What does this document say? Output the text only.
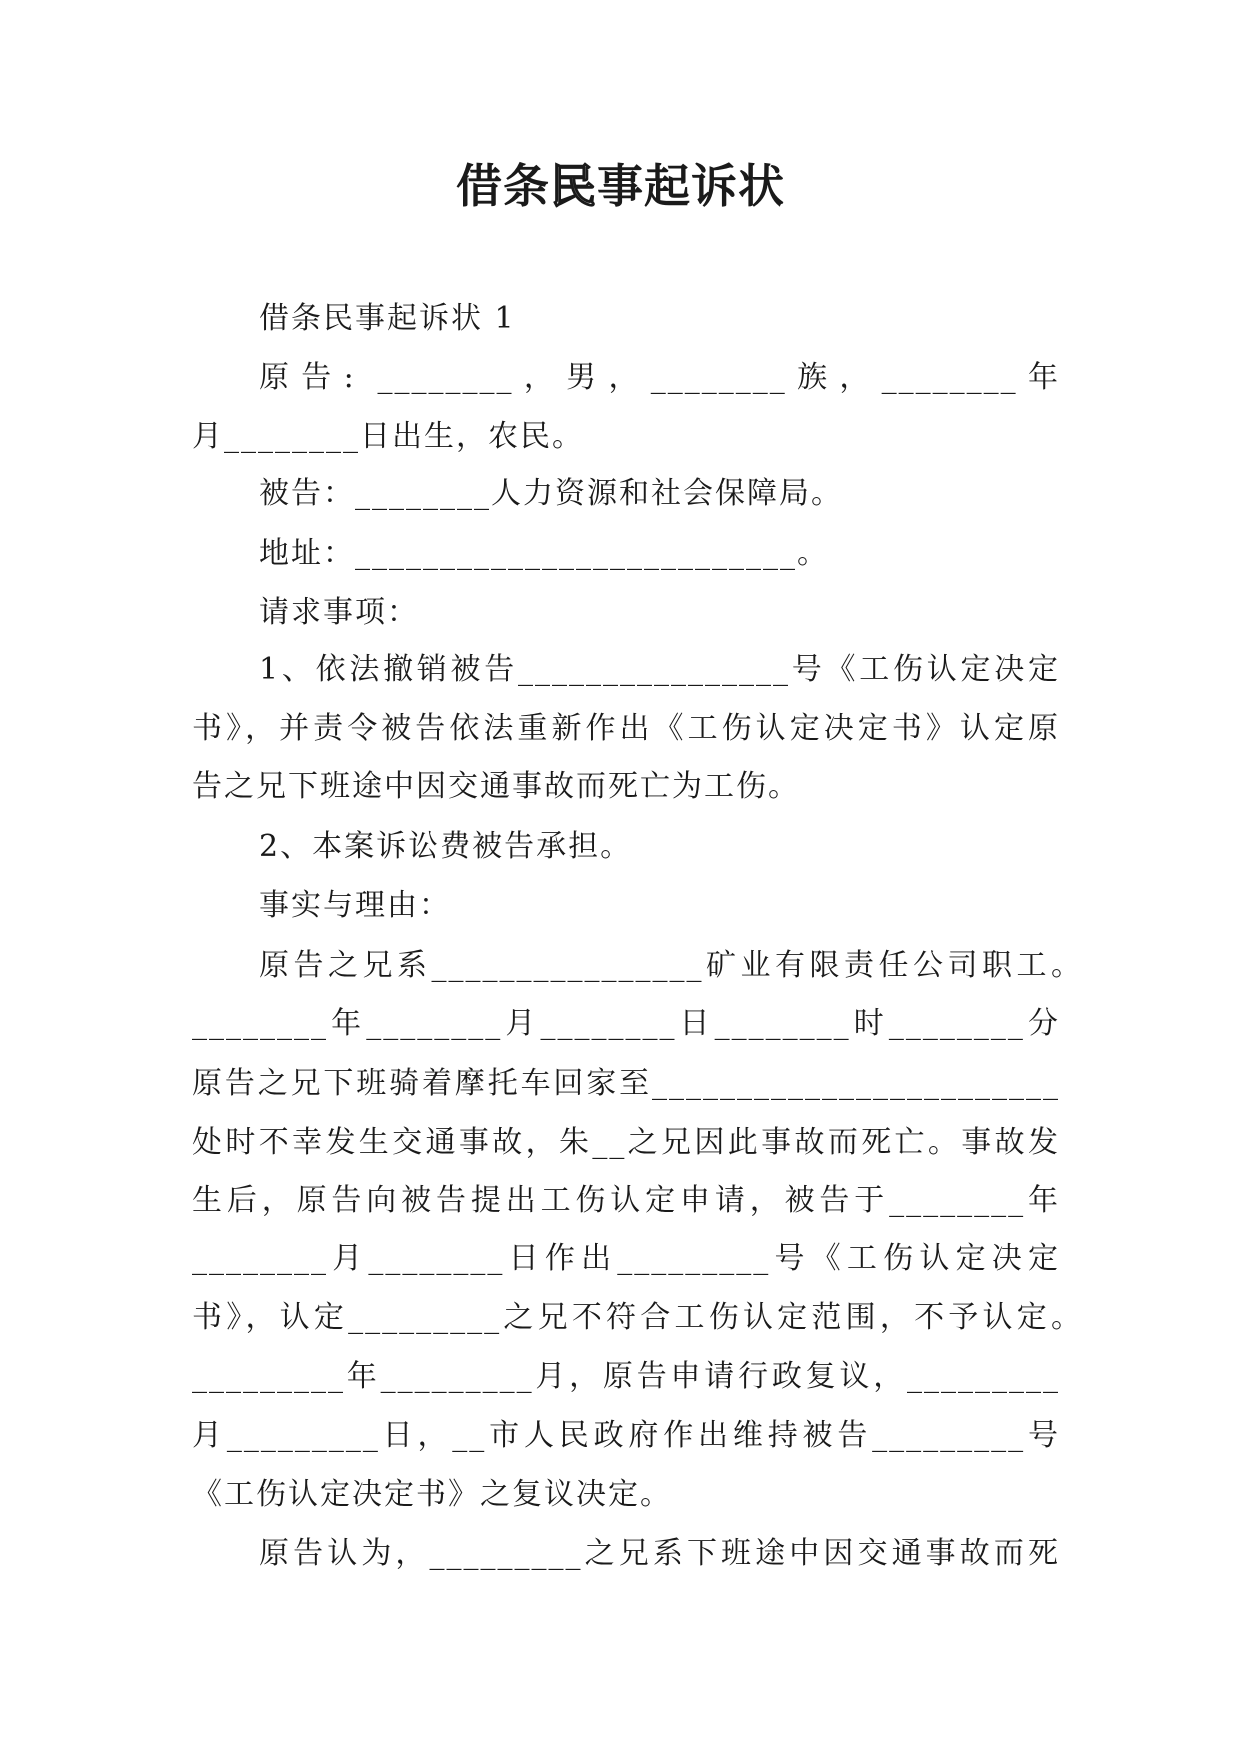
借条民事起诉状
借条民事起诉状 1
原告: ________，男，________族，________年
月________日出生，农民。
被告：________人力资源和社会保障局。
地址：__________________________。
请求事项：
1、依法撤销被告________________号《工伤认定决定
书》，并责令被告依法重新作出《工伤认定决定书》认定原
告之兄下班途中因交通事故而死亡为工伤。
2、本案诉讼费被告承担。
事实与理由：
原告之兄系________________矿业有限责任公司职工。
________年________月________日________时________分
原告之兄下班骑着摩托车回家至________________________
处时不幸发生交通事故，朱__之兄因此事故而死亡。事故发
生后，原告向被告提出工伤认定申请，被告于________年
________月________日作出_________号《工伤认定决定
书》，认定_________之兄不符合工伤认定范围，不予认定。
_________年_________月，原告申请行政复议，_________
月_________日，__市人民政府作出维持被告_________号
《工伤认定决定书》之复议决定。
原告认为，_________之兄系下班途中因交通事故而死
